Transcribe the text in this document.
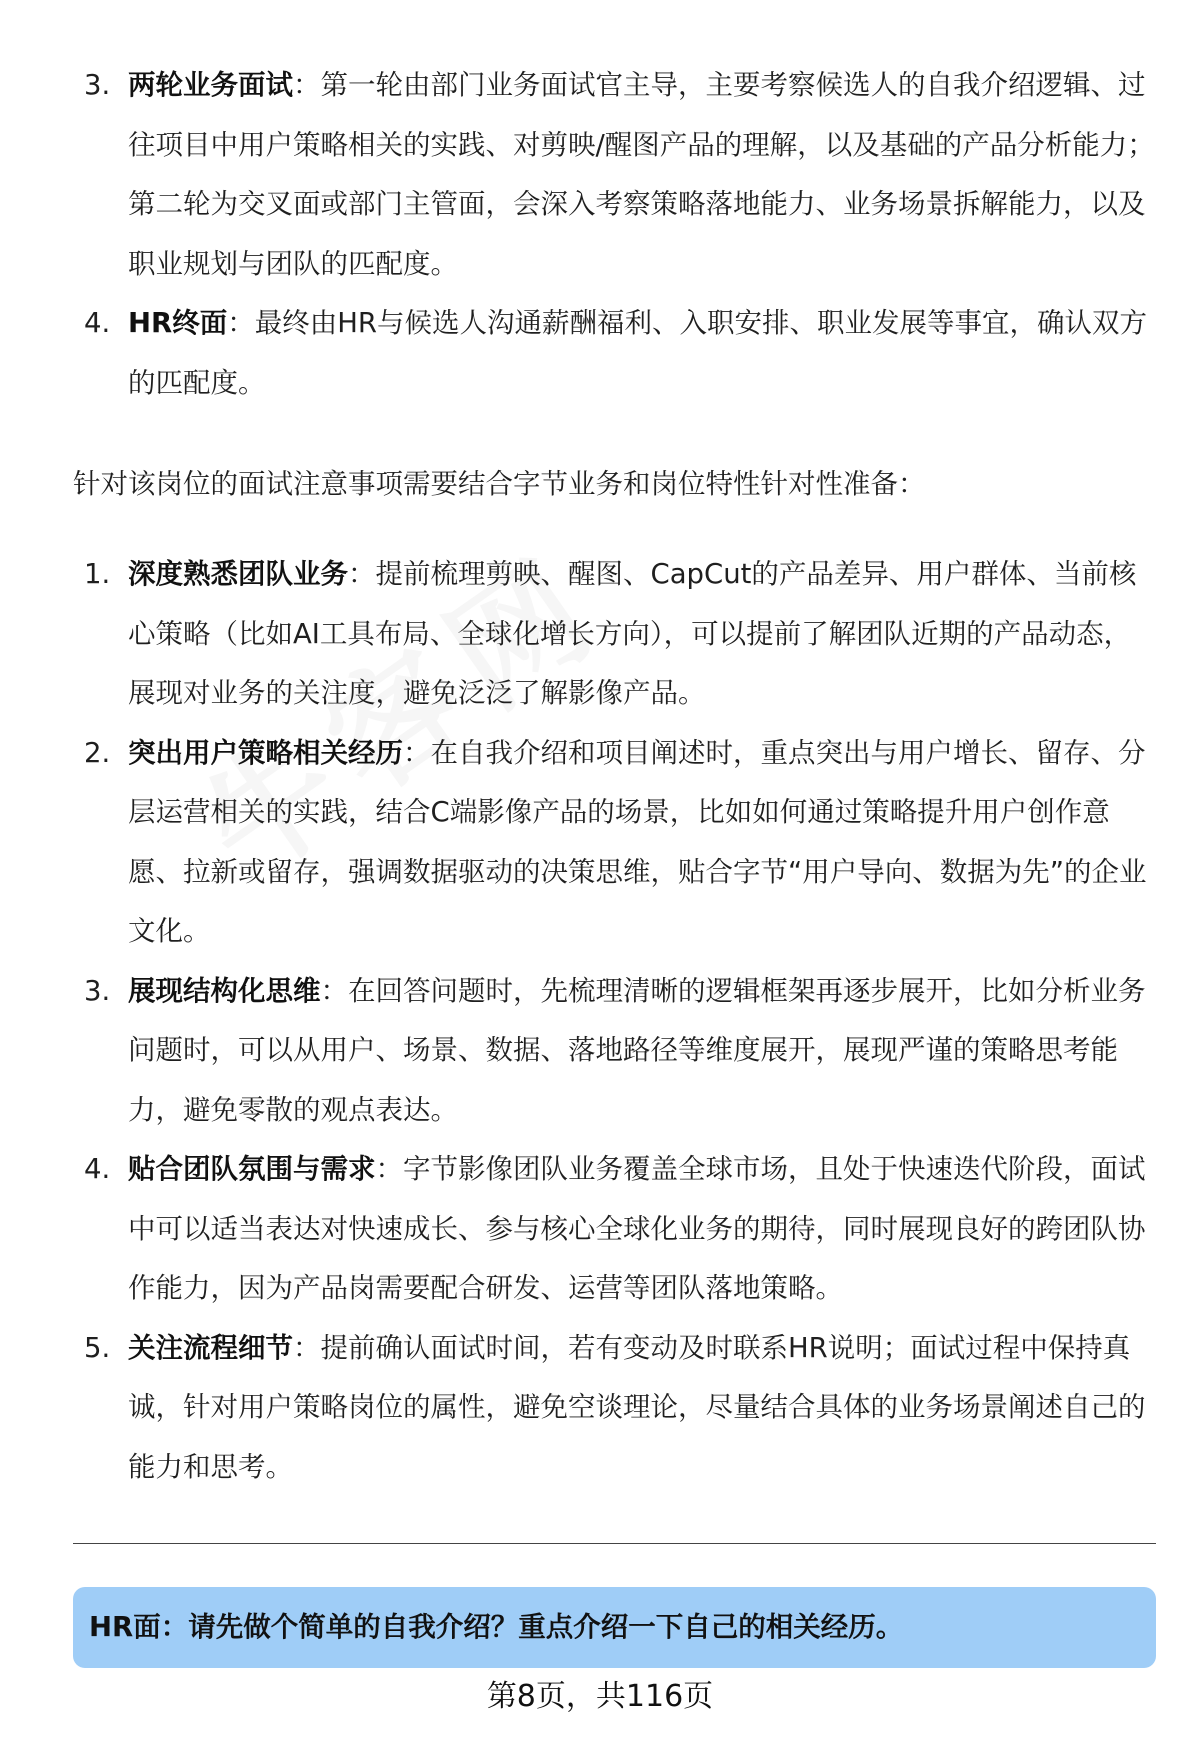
3. 两轮业务面试：第一轮由部门业务面试官主导，主要考察候选人的自我介绍逻辑、过往项目中用户策略相关的实践、对剪映/醒图产品的理解，以及基础的产品分析能力；第二轮为交叉面或部门主管面，会深入考察策略落地能力、业务场景拆解能力，以及职业规划与团队的匹配度。
4. HR终面：最终由HR与候选人沟通薪酬福利、入职安排、职业发展等事宜，确认双方的匹配度。
针对该岗位的面试注意事项需要结合字节业务和岗位特性针对性准备：
1. 深度熟悉团队业务：提前梳理剪映、醒图、CapCut的产品差异、用户群体、当前核心策略（比如AI工具布局、全球化增长方向），可以提前了解团队近期的产品动态，展现对业务的关注度，避免泛泛了解影像产品。
2. 突出用户策略相关经历：在自我介绍和项目阐述时，重点突出与用户增长、留存、分层运营相关的实践，结合C端影像产品的场景，比如如何通过策略提升用户创作意愿、拉新或留存，强调数据驱动的决策思维，贴合字节“用户导向、数据为先”的企业文化。
3. 展现结构化思维：在回答问题时，先梳理清晰的逻辑框架再逐步展开，比如分析业务问题时，可以从用户、场景、数据、落地路径等维度展开，展现严谨的策略思考能力，避免零散的观点表达。
4. 贴合团队氛围与需求：字节影像团队业务覆盖全球市场，且处于快速迭代阶段，面试中可以适当表达对快速成长、参与核心全球化业务的期待，同时展现良好的跨团队协作能力，因为产品岗需要配合研发、运营等团队落地策略。
5. 关注流程细节：提前确认面试时间，若有变动及时联系HR说明；面试过程中保持真诚，针对用户策略岗位的属性，避免空谈理论，尽量结合具体的业务场景阐述自己的能力和思考。
HR面：请先做个简单的自我介绍？重点介绍一下自己的相关经历。
第8页，共116页
